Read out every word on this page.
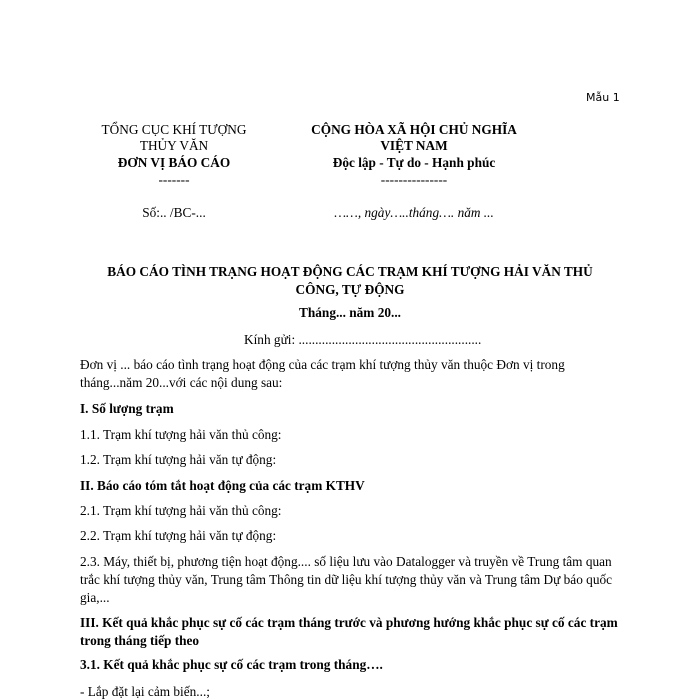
Mẫu 1
TỔNG CỤC KHÍ TƯỢNG THỦY VĂN
ĐƠN VỊ BÁO CÁO
-------
Số:.. /BC-...
CỘNG HÒA XÃ HỘI CHỦ NGHĨA VIỆT NAM
Độc lập - Tự do - Hạnh phúc
---------------
……, ngày…..tháng…. năm ...
BÁO CÁO TÌNH TRẠNG HOẠT ĐỘNG CÁC TRẠM KHÍ TƯỢNG HẢI VĂN THỦ CÔNG, TỰ ĐỘNG
Tháng... năm 20...
Kính gửi: .......................................................
Đơn vị ... báo cáo tình trạng hoạt động của các trạm khí tượng thủy văn thuộc Đơn vị trong tháng...năm 20...với các nội dung sau:
I. Số lượng trạm
1.1. Trạm khí tượng hải văn thủ công:
1.2. Trạm khí tượng hải văn tự động:
II. Báo cáo tóm tắt hoạt động của các trạm KTHV
2.1. Trạm khí tượng hải văn thủ công:
2.2. Trạm khí tượng hải văn tự động:
2.3. Máy, thiết bị, phương tiện hoạt động.... số liệu lưu vào Datalogger và truyền về Trung tâm quan trắc khí tượng thủy văn, Trung tâm Thông tin dữ liệu khí tượng thủy văn và Trung tâm Dự báo quốc gia,...
III. Kết quả khắc phục sự cố các trạm tháng trước và phương hướng khắc phục sự cố các trạm trong tháng tiếp theo
3.1. Kết quả khắc phục sự cố các trạm trong tháng….
- Lắp đặt lại cảm biến...;
